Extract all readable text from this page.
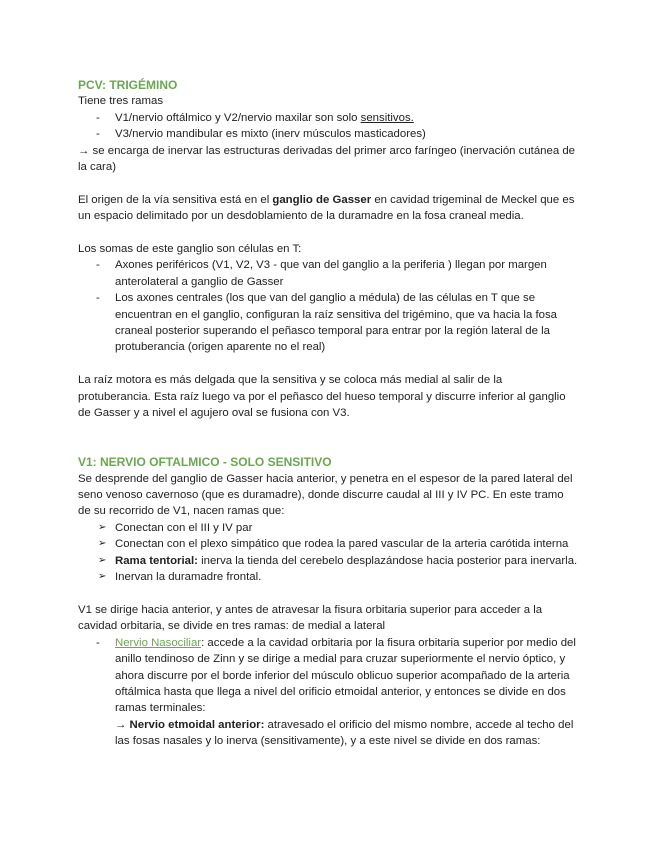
PCV: TRIGÉMINO

Tiene tres ramas

- V1/nervio oftálmico y V2/nervio maxilar son solo sensitivos.
- V3/nervio mandibular es mixto (inerv músculos masticadores)

→ se encarga de inervar las estructuras derivadas del primer arco faríngeo (inervación cutánea de la cara)

El origen de la vía sensitiva está en el ganglio de Gasser en cavidad trigeminal de Meckel que es un espacio delimitado por un desdoblamiento de la duramadre en la fosa craneal media.

Los somas de este ganglio son células en T:

- Axones periféricos (V1, V2, V3 - que van del ganglio a la periferia ) llegan por margen anterolateral a ganglio de Gasser
- Los axones centrales (los que van del ganglio a médula) de las células en T que se encuentran en el ganglio, configuran la raíz sensitiva del trigémino, que va hacia la fosa craneal posterior superando el peñasco temporal para entrar por la región lateral de la protuberancia (origen aparente no el real)

La raíz motora es más delgada que la sensitiva y se coloca más medial al salir de la protuberancia. Esta raíz luego va por el peñasco del hueso temporal y discurre inferior al ganglio de Gasser y a nivel el agujero oval se fusiona con V3.

V1: NERVIO OFTALMICO - SOLO SENSITIVO

Se desprende del ganglio de Gasser hacia anterior, y penetra en el espesor de la pared lateral del seno venoso cavernoso (que es duramadre), donde discurre caudal al III y IV PC. En este tramo de su recorrido de V1, nacen ramas que:

➢ Conectan con el III y IV par
➢ Conectan con el plexo simpático que rodea la pared vascular de la arteria carótida interna
➢ Rama tentorial: inerva la tienda del cerebelo desplazándose hacia posterior para inervarla.
➢ Inervan la duramadre frontal.

V1 se dirige hacia anterior, y antes de atravesar la fisura orbitaria superior para acceder a la cavidad orbitaria, se divide en tres ramas: de medial a lateral

- Nervio Nasociliar: accede a la cavidad orbitaria por la fisura orbitaria superior por medio del anillo tendinoso de Zinn y se dirige a medial para cruzar superiormente el nervio óptico, y ahora discurre por el borde inferior del músculo oblicuo superior acompañado de la arteria oftálmica hasta que llega a nivel del orificio etmoidal anterior, y entonces se divide en dos ramas terminales:
→ Nervio etmoidal anterior: atravesado el orificio del mismo nombre, accede al techo del las fosas nasales y lo inerva (sensitivamente), y a este nivel se divide en dos ramas:
